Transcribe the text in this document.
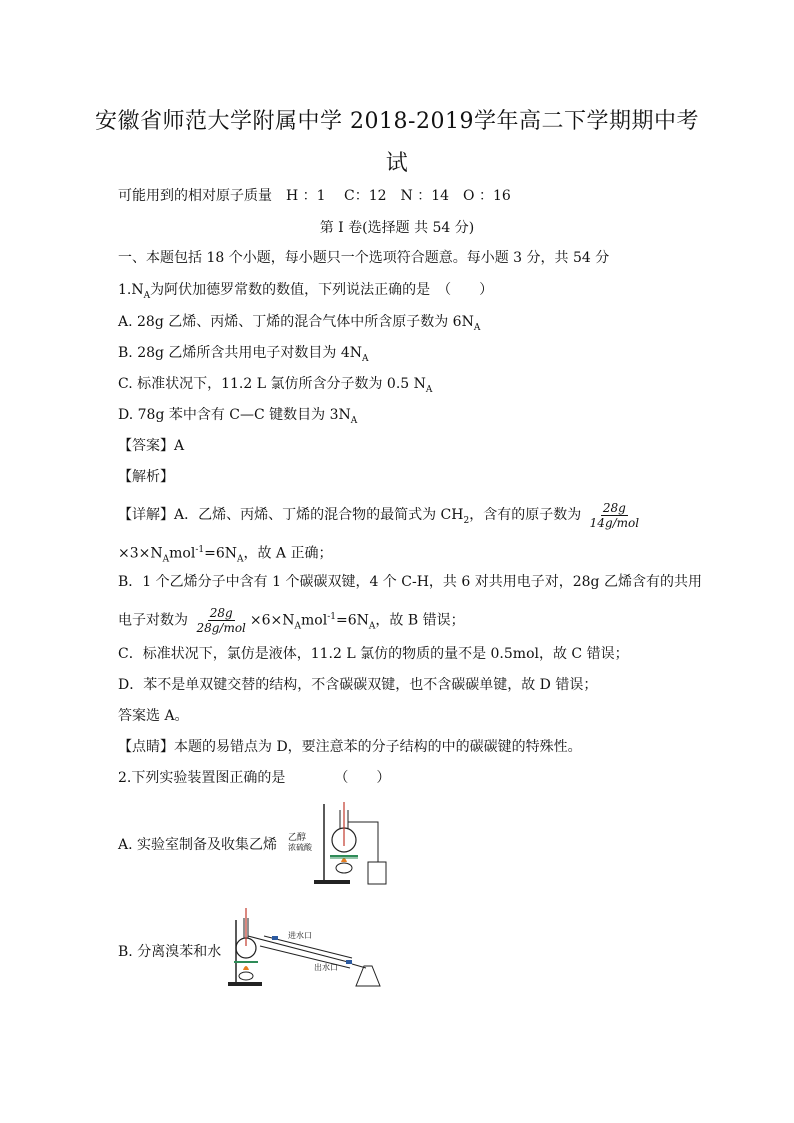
安徽省师范大学附属中学 2018-2019学年高二下学期期中考
试
可能用到的相对原子质量　H ：1　 C：12　N ：14　O ：16
第 I 卷(选择题 共 54 分)
一、本题包括 18 个小题，每小题只一个选项符合题意。每小题 3 分，共 54 分
$1.N_A$为阿伏加德罗常数的数值，下列说法正确的是　（　　）
A. 28g 乙烯、丙烯、丁烯的混合气体中所含原子数为 $6N_A$
B. 28g 乙烯所含共用电子对数目为 $4N_A$
C. 标准状况下，11.2 L 氯仿所含分子数为 0.5 $N_A$
D. 78g 苯中含有 C—C 键数目为 $3N_A$
【答案】A
【解析】
【详解】A．乙烯、丙烯、丁烯的混合物的最简式为 $CH_2$，含有的原子数为 $\frac{28g}{\text{14g/mol}}$
$\times 3\times N_Amol^{-1}=6N_A$，故 A 正确；
B．1 个乙烯分子中含有 1 个碳碳双键，4 个 C-H，共 6 对共用电子对，28g 乙烯含有的共用
电子对数为 $\frac{28g}{\text{28g/mol}} \times 6\times N_Amol^{-1}=6N_A$，故 B 错误；
C．标准状况下，氯仿是液体，11.2 L 氯仿的物质的量不是 0.5mol，故 C 错误；
D．苯不是单双键交替的结构，不含碳碳双键，也不含碳碳单键，故 D 错误；
答案选 A。
【点睛】本题的易错点为 D，要注意苯的分子结构的中的碳碳键的特殊性。
2.下列实验装置图正确的是　　　　（　　）
A. 实验室制备及收集乙烯 乙醇
浓硫酸
B. 分离溴苯和水
进水口
出水口
